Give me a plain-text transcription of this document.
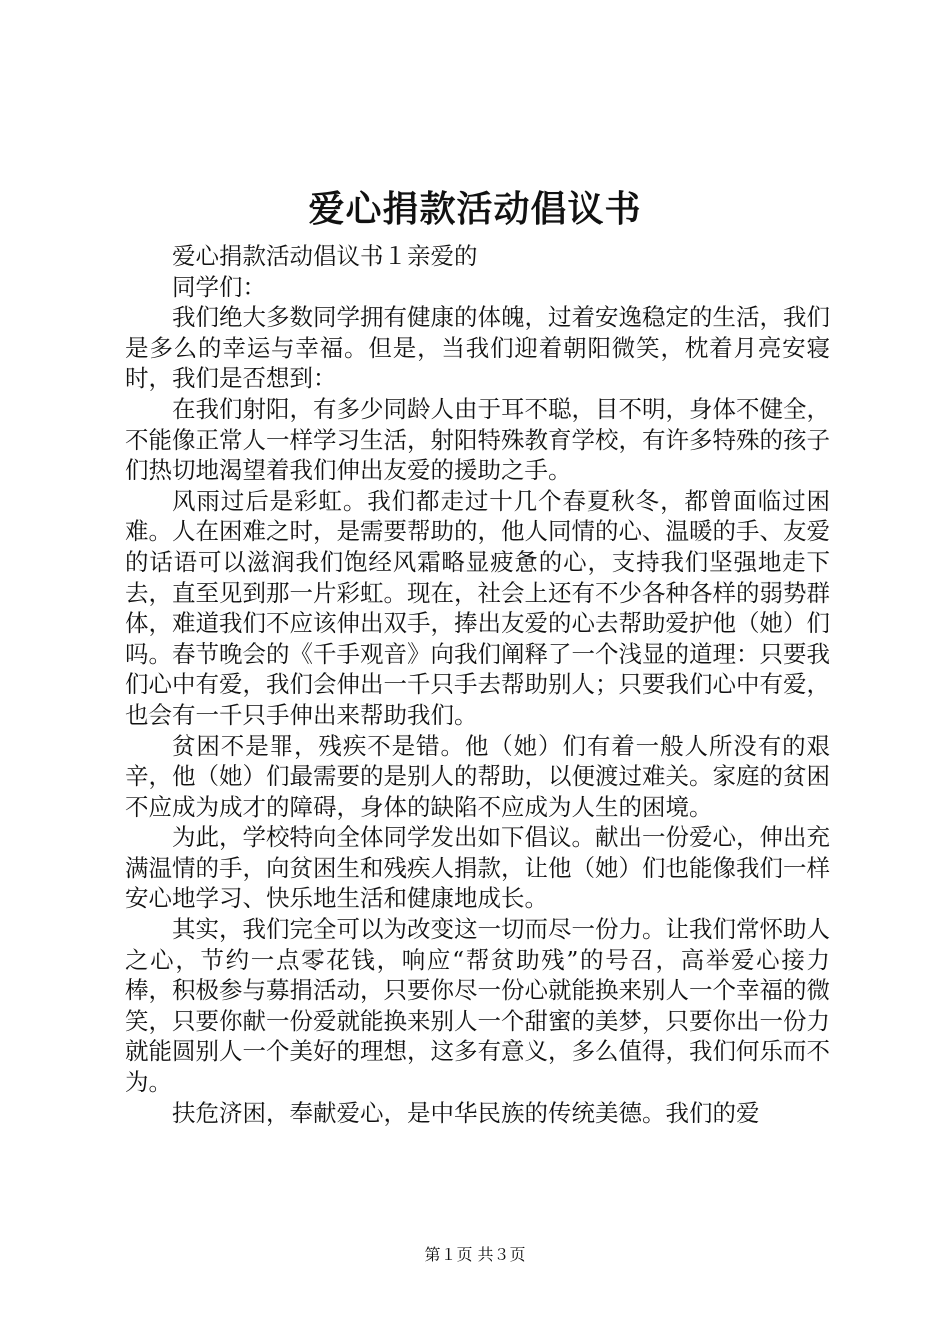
爱心捐款活动倡议书

爱心捐款活动倡议书１亲爱的

同学们：

我们绝大多数同学拥有健康的体魄，过着安逸稳定的生活，我们是多么的幸运与幸福。但是，当我们迎着朝阳微笑，枕着月亮安寝时，我们是否想到：

在我们射阳，有多少同龄人由于耳不聪，目不明，身体不健全，不能像正常人一样学习生活，射阳特殊教育学校，有许多特殊的孩子们热切地渴望着我们伸出友爱的援助之手。

风雨过后是彩虹。我们都走过十几个春夏秋冬，都曾面临过困难。人在困难之时，是需要帮助的，他人同情的心、温暖的手、友爱的话语可以滋润我们饱经风霜略显疲惫的心，支持我们坚强地走下去，直至见到那一片彩虹。现在，社会上还有不少各种各样的弱势群体，难道我们不应该伸出双手，捧出友爱的心去帮助爱护他（她）们吗。春节晚会的《千手观音》向我们阐释了一个浅显的道理：只要我们心中有爱，我们会伸出一千只手去帮助别人；只要我们心中有爱，也会有一千只手伸出来帮助我们。

贫困不是罪，残疾不是错。他（她）们有着一般人所没有的艰辛，他（她）们最需要的是别人的帮助，以便渡过难关。家庭的贫困不应成为成才的障碍，身体的缺陷不应成为人生的困境。

为此，学校特向全体同学发出如下倡议。献出一份爱心，伸出充满温情的手，向贫困生和残疾人捐款，让他（她）们也能像我们一样安心地学习、快乐地生活和健康地成长。

其实，我们完全可以为改变这一切而尽一份力。让我们常怀助人之心，节约一点零花钱，响应“帮贫助残”的号召，高举爱心接力棒，积极参与募捐活动，只要你尽一份心就能换来别人一个幸福的微笑，只要你献一份爱就能换来别人一个甜蜜的美梦，只要你出一份力就能圆别人一个美好的理想，这多有意义，多么值得，我们何乐而不为。

扶危济困，奉献爱心，是中华民族的传统美德。我们的爱

第１页 共３页
